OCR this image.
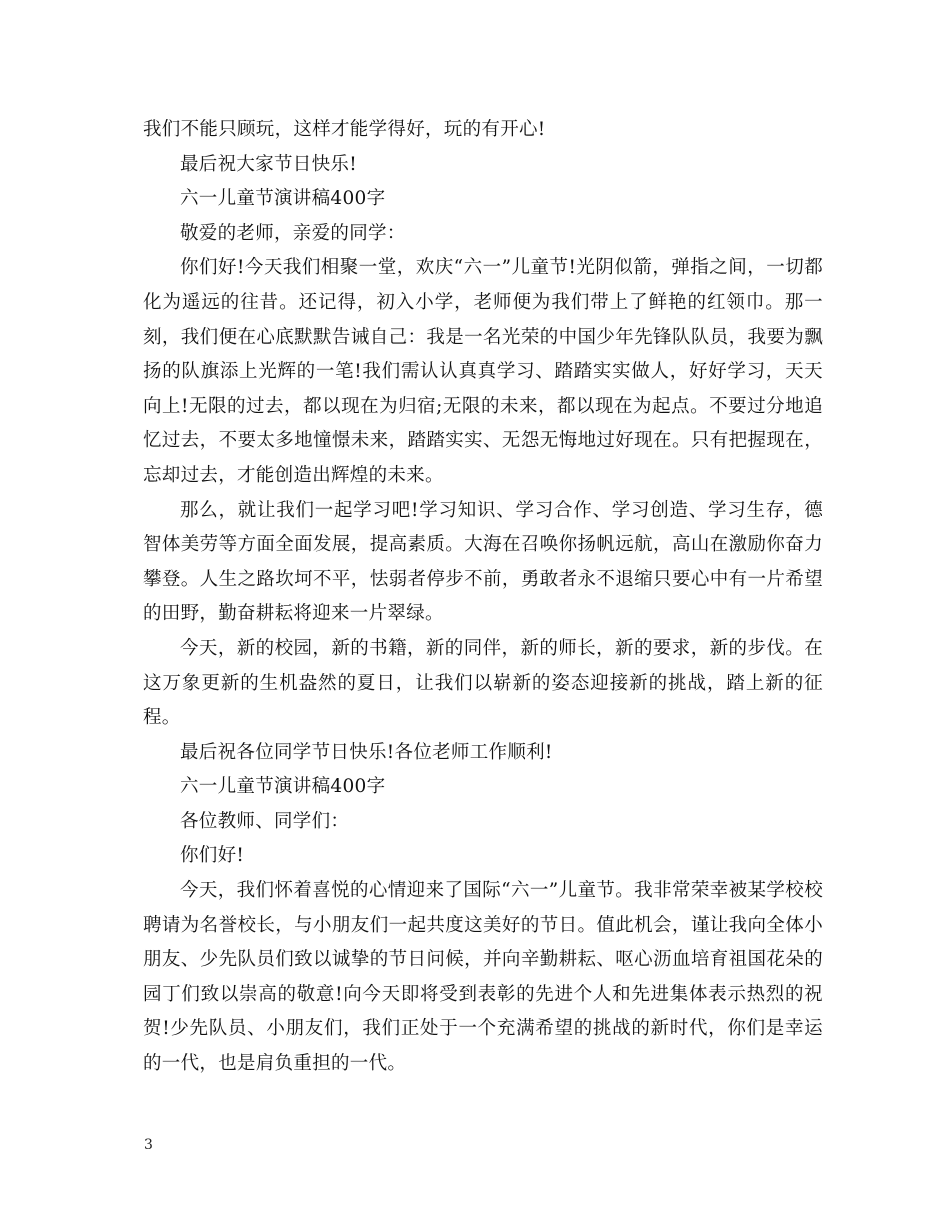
我们不能只顾玩，这样才能学得好，玩的有开心!

最后祝大家节日快乐!

六一儿童节演讲稿400字

敬爱的老师，亲爱的同学：

你们好!今天我们相聚一堂，欢庆“六一”儿童节!光阴似箭，弹指之间，一切都化为遥远的往昔。还记得，初入小学，老师便为我们带上了鲜艳的红领巾。那一刻，我们便在心底默默告诫自己：我是一名光荣的中国少年先锋队队员，我要为飘扬的队旗添上光辉的一笔!我们需认认真真学习、踏踏实实做人，好好学习，天天向上!无限的过去，都以现在为归宿;无限的未来，都以现在为起点。不要过分地追忆过去，不要太多地憧憬未来，踏踏实实、无怨无悔地过好现在。只有把握现在，忘却过去，才能创造出辉煌的未来。

那么，就让我们一起学习吧!学习知识、学习合作、学习创造、学习生存，德智体美劳等方面全面发展，提高素质。大海在召唤你扬帆远航，高山在激励你奋力攀登。人生之路坎坷不平，怯弱者停步不前，勇敢者永不退缩只要心中有一片希望的田野，勤奋耕耘将迎来一片翠绿。

今天，新的校园，新的书籍，新的同伴，新的师长，新的要求，新的步伐。在这万象更新的生机盎然的夏日，让我们以崭新的姿态迎接新的挑战，踏上新的征程。

最后祝各位同学节日快乐!各位老师工作顺利!

六一儿童节演讲稿400字

各位教师、同学们：

你们好!

今天，我们怀着喜悦的心情迎来了国际“六一”儿童节。我非常荣幸被某学校校聘请为名誉校长，与小朋友们一起共度这美好的节日。值此机会，谨让我向全体小朋友、少先队员们致以诚挚的节日问候，并向辛勤耕耘、呕心沥血培育祖国花朵的园丁们致以崇高的敬意!向今天即将受到表彰的先进个人和先进集体表示热烈的祝贺!少先队员、小朋友们，我们正处于一个充满希望的挑战的新时代，你们是幸运的一代，也是肩负重担的一代。

3
